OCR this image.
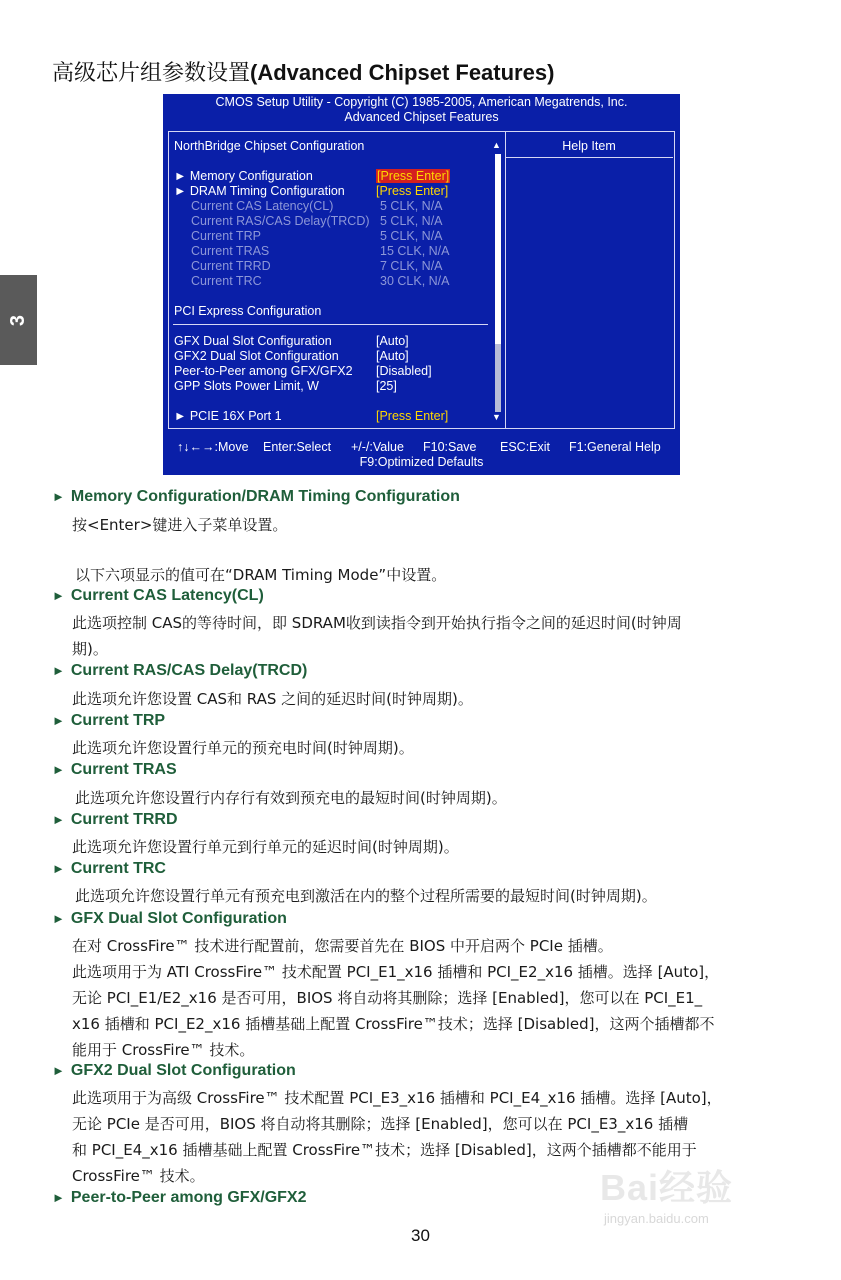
3
高级芯片组参数设置(Advanced Chipset Features)
CMOS Setup Utility - Copyright (C) 1985-2005, American Megatrends, Inc.
Advanced Chipset Features
Help Item
NorthBridge Chipset Configuration
► Memory Configuration	[Press Enter]
► DRAM Timing Configuration [Press Enter]
Current CAS Latency(CL)	5 CLK, N/A
Current RAS/CAS Delay(TRCD) 5 CLK, N/A
Current TRP	5 CLK, N/A
Current TRAS	15 CLK, N/A
Current TRRD	7 CLK, N/A
Current TRC	30 CLK, N/A
PCI Express Configuration
GFX Dual Slot Configuration	[Auto]
GFX2 Dual Slot Configuration	[Auto]
Peer-to-Peer among GFX/GFX2 [Disabled]
GPP Slots Power Limit, W	[25]
► PCIE 16X Port 1	[Press Enter]
▲
▼
↑↓←→:Move Enter:Select +/-/:Value F10:Save ESC:Exit F1:General Help
F9:Optimized Defaults
► Memory Configuration/DRAM Timing Configuration
按<Enter>键进入子菜单设置。
以下六项显示的值可在“DRAM Timing Mode”中设置。
► Current CAS Latency(CL)
此选项控制 CAS的等待时间，即 SDRAM收到读指令到开始执行指令之间的延迟时间(时钟周
期)。
► Current RAS/CAS Delay(TRCD)
此选项允许您设置 CAS和 RAS 之间的延迟时间(时钟周期)。
► Current TRP
此选项允许您设置行单元的预充电时间(时钟周期)。
► Current TRAS
此选项允许您设置行内存行有效到预充电的最短时间(时钟周期)。
► Current TRRD
此选项允许您设置行单元到行单元的延迟时间(时钟周期)。
► Current TRC
此选项允许您设置行单元有预充电到激活在内的整个过程所需要的最短时间(时钟周期)。
► GFX Dual Slot Configuration
在对 CrossFire™ 技术进行配置前，您需要首先在 BIOS 中开启两个 PCIe 插槽。
此选项用于为 ATI CrossFire™ 技术配置 PCI_E1_x16 插槽和 PCI_E2_x16 插槽。选择 [Auto]，
无论 PCI_E1/E2_x16 是否可用，BIOS 将自动将其删除；选择 [Enabled]，您可以在 PCI_E1_
x16 插槽和 PCI_E2_x16 插槽基础上配置 CrossFire™技术；选择 [Disabled]，这两个插槽都不
能用于 CrossFire™ 技术。
► GFX2 Dual Slot Configuration
此选项用于为高级 CrossFire™ 技术配置 PCI_E3_x16 插槽和 PCI_E4_x16 插槽。选择 [Auto]，
无论 PCIe 是否可用，BIOS 将自动将其删除；选择 [Enabled]，您可以在 PCI_E3_x16 插槽
和 PCI_E4_x16 插槽基础上配置 CrossFire™技术；选择 [Disabled]，这两个插槽都不能用于
CrossFire™ 技术。
► Peer-to-Peer among GFX/GFX2	Bai经验
jingyan.baidu.com
30
